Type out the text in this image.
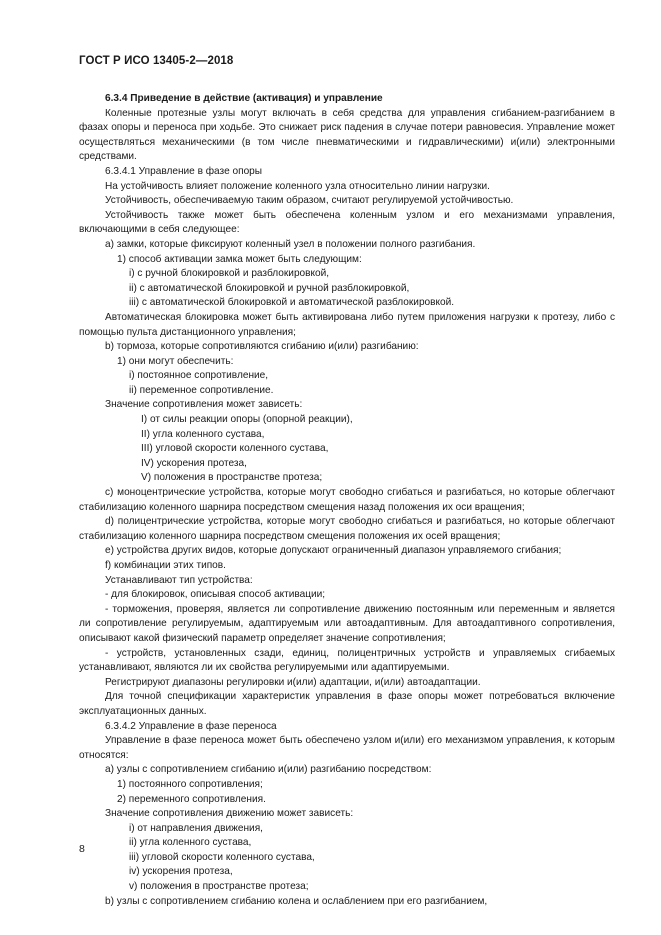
ГОСТ Р ИСО 13405-2—2018

6.3.4 Приведение в действие (активация) и управление

Коленные протезные узлы могут включать в себя средства для управления сгибанием-разгибанием в фазах опоры и переноса при ходьбе. Это снижает риск падения в случае потери равновесия. Управление может осуществляться механическими (в том числе пневматическими и гидравлическими) и(или) электронными средствами.

6.3.4.1 Управление в фазе опоры

На устойчивость влияет положение коленного узла относительно линии нагрузки.

Устойчивость, обеспечиваемую таким образом, считают регулируемой устойчивостью.

Устойчивость также может быть обеспечена коленным узлом и его механизмами управления, включающими в себя следующее:

a) замки, которые фиксируют коленный узел в положении полного разгибания.

1) способ активации замка может быть следующим:

i) с ручной блокировкой и разблокировкой,

ii) с автоматической блокировкой и ручной разблокировкой,

iii) с автоматической блокировкой и автоматической разблокировкой.

Автоматическая блокировка может быть активирована либо путем приложения нагрузки к протезу, либо с помощью пульта дистанционного управления;

b) тормоза, которые сопротивляются сгибанию и(или) разгибанию:

1) они могут обеспечить:

i) постоянное сопротивление,

ii) переменное сопротивление.

Значение сопротивления может зависеть:

I) от силы реакции опоры (опорной реакции),

II) угла коленного сустава,

III) угловой скорости коленного сустава,

IV) ускорения протеза,

V) положения в пространстве протеза;

c) моноцентрические устройства, которые могут свободно сгибаться и разгибаться, но которые облегчают стабилизацию коленного шарнира посредством смещения назад положения их оси вращения;

d) полицентрические устройства, которые могут свободно сгибаться и разгибаться, но которые облегчают стабилизацию коленного шарнира посредством смещения положения их осей вращения;

e) устройства других видов, которые допускают ограниченный диапазон управляемого сгибания;

f) комбинации этих типов.

Устанавливают тип устройства:

- для блокировок, описывая способ активации;

- торможения, проверяя, является ли сопротивление движению постоянным или переменным и является ли сопротивление регулируемым, адаптируемым или автоадаптивным. Для автоадаптивного сопротивления, описывают какой физический параметр определяет значение сопротивления;

- устройств, установленных сзади, единиц, полицентричных устройств и управляемых сгибаемых устанавливают, являются ли их свойства регулируемыми или адаптируемыми.

Регистрируют диапазоны регулировки и(или) адаптации, и(или) автоадаптации.

Для точной спецификации характеристик управления в фазе опоры может потребоваться включение эксплуатационных данных.

6.3.4.2 Управление в фазе переноса

Управление в фазе переноса может быть обеспечено узлом и(или) его механизмом управления, к которым относятся:

a) узлы с сопротивлением сгибанию и(или) разгибанию посредством:

1) постоянного сопротивления;

2) переменного сопротивления.

Значение сопротивления движению может зависеть:

i) от направления движения,

ii) угла коленного сустава,

iii) угловой скорости коленного сустава,

iv) ускорения протеза,

v) положения в пространстве протеза;

b) узлы с сопротивлением сгибанию колена и ослаблением при его разгибанием,

8
